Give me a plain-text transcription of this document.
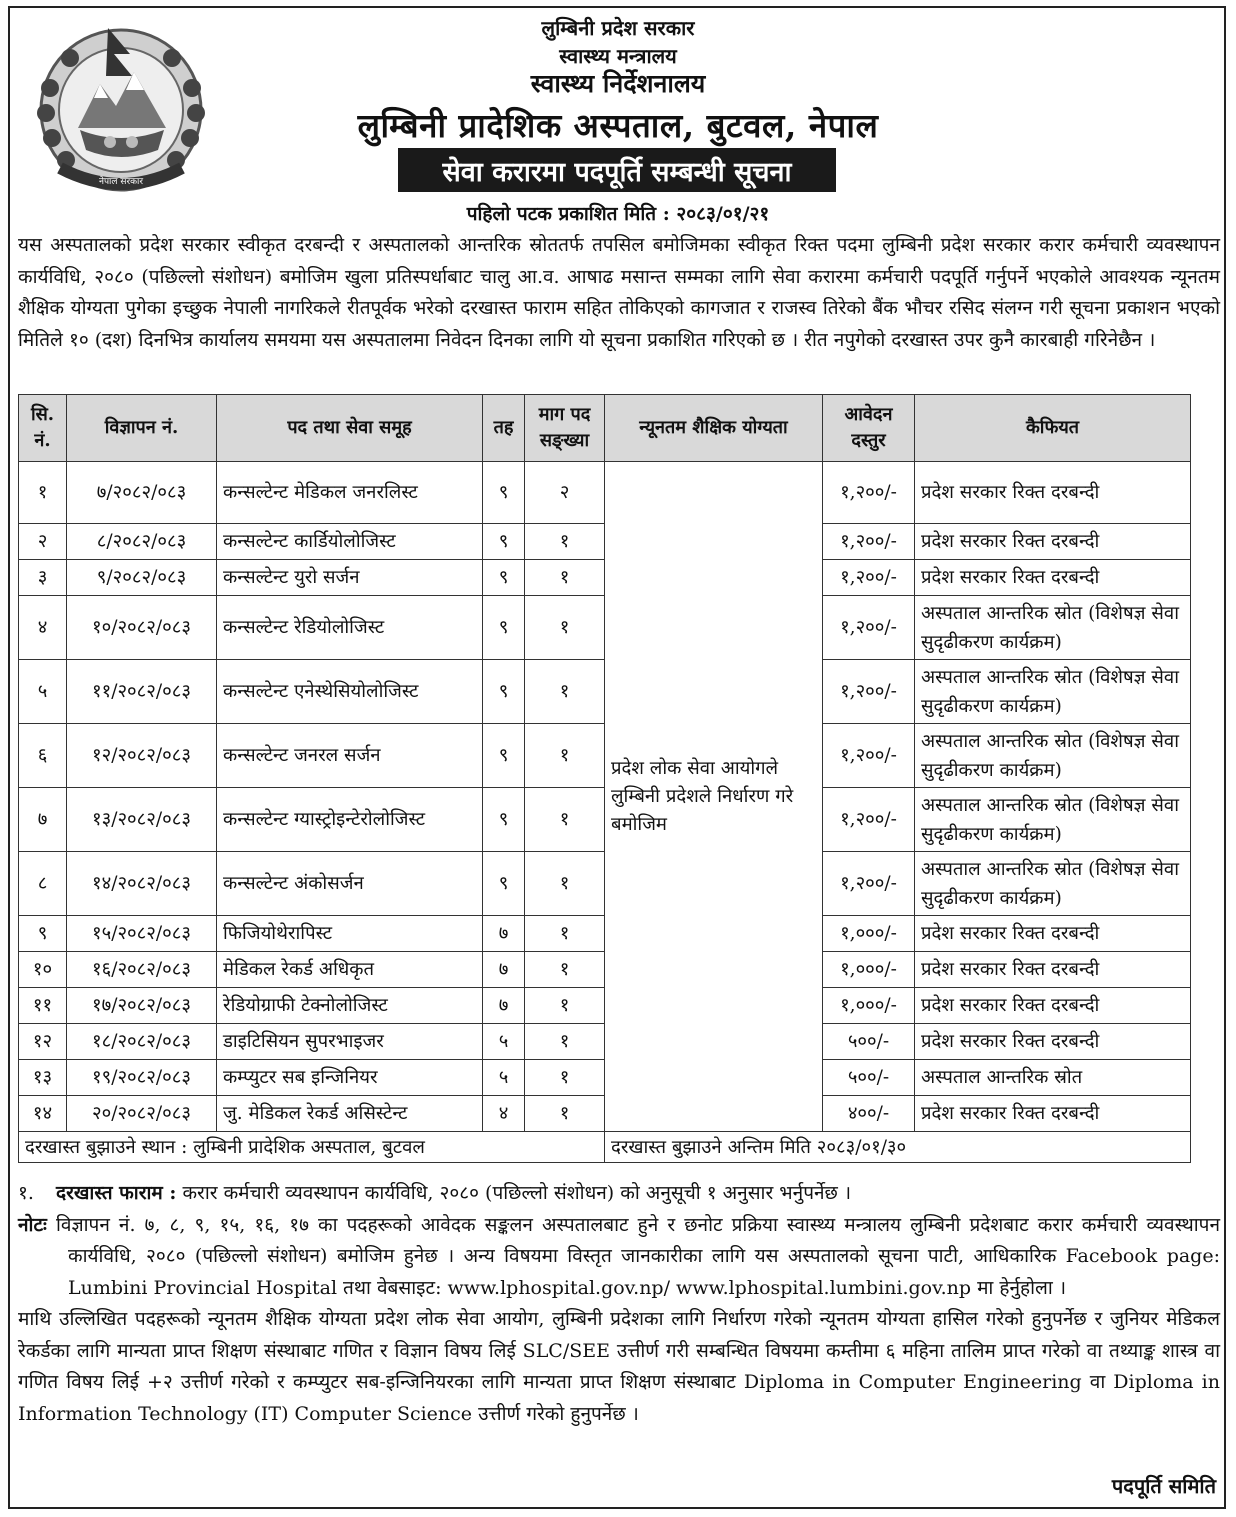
नेपाल सरकार
लुम्बिनी प्रदेश सरकार
स्वास्थ्य मन्त्रालय
स्वास्थ्य निर्देशनालय
लुम्बिनी प्रादेशिक अस्पताल, बुटवल, नेपाल
सेवा करारमा पदपूर्ति सम्बन्धी सूचना
पहिलो पटक प्रकाशित मिति : २०८३/०१/२१
यस अस्पतालको प्रदेश सरकार स्वीकृत दरबन्दी र अस्पतालको आन्तरिक स्रोततर्फ तपसिल बमोजिमका स्वीकृत रिक्त पदमा लुम्बिनी प्रदेश सरकार करार कर्मचारी व्यवस्थापन कार्यविधि, २०८० (पछिल्लो संशोधन) बमोजिम खुला प्रतिस्पर्धाबाट चालु आ.व. आषाढ मसान्त सम्मका लागि सेवा करारमा कर्मचारी पदपूर्ति गर्नुपर्ने भएकोले आवश्यक न्यूनतम शैक्षिक योग्यता पुगेका इच्छुक नेपाली नागरिकले रीतपूर्वक भरेको दरखास्त फाराम सहित तोकिएको कागजात र राजस्व तिरेको बैंक भौचर रसिद संलग्न गरी सूचना प्रकाशन भएको मितिले १० (दश) दिनभित्र कार्यालय समयमा यस अस्पतालमा निवेदन दिनका लागि यो सूचना प्रकाशित गरिएको छ । रीत नपुगेको दरखास्त उपर कुनै कारबाही गरिनेछैन ।
सि. नं.	विज्ञापन नं.	पद तथा सेवा समूह	तह	माग पद सङ्ख्या	न्यूनतम शैक्षिक योग्यता	आवेदन दस्तुर	कैफियत
१	७/२०८२/०८३	कन्सल्टेन्ट मेडिकल जनरलिस्ट	९	२	प्रदेश लोक सेवा आयोगले लुम्बिनी प्रदेशले निर्धारण गरे बमोजिम	१,२००/-	प्रदेश सरकार रिक्त दरबन्दी
२	८/२०८२/०८३	कन्सल्टेन्ट कार्डियोलोजिस्ट	९	१		१,२००/-	प्रदेश सरकार रिक्त दरबन्दी
३	९/२०८२/०८३	कन्सल्टेन्ट युरो सर्जन	९	१		१,२००/-	प्रदेश सरकार रिक्त दरबन्दी
४	१०/२०८२/०८३	कन्सल्टेन्ट रेडियोलोजिस्ट	९	१		१,२००/-	अस्पताल आन्तरिक स्रोत (विशेषज्ञ सेवा सुदृढीकरण कार्यक्रम)
५	११/२०८२/०८३	कन्सल्टेन्ट एनेस्थेसियोलोजिस्ट	९	१		१,२००/-	अस्पताल आन्तरिक स्रोत (विशेषज्ञ सेवा सुदृढीकरण कार्यक्रम)
६	१२/२०८२/०८३	कन्सल्टेन्ट जनरल सर्जन	९	१		१,२००/-	अस्पताल आन्तरिक स्रोत (विशेषज्ञ सेवा सुदृढीकरण कार्यक्रम)
७	१३/२०८२/०८३	कन्सल्टेन्ट ग्यास्ट्रोइन्टेरोलोजिस्ट	९	१		१,२००/-	अस्पताल आन्तरिक स्रोत (विशेषज्ञ सेवा सुदृढीकरण कार्यक्रम)
८	१४/२०८२/०८३	कन्सल्टेन्ट अंकोसर्जन	९	१		१,२००/-	अस्पताल आन्तरिक स्रोत (विशेषज्ञ सेवा सुदृढीकरण कार्यक्रम)
९	१५/२०८२/०८३	फिजियोथेरापिस्ट	७	१		१,०००/-	प्रदेश सरकार रिक्त दरबन्दी
१०	१६/२०८२/०८३	मेडिकल रेकर्ड अधिकृत	७	१		१,०००/-	प्रदेश सरकार रिक्त दरबन्दी
११	१७/२०८२/०८३	रेडियोग्राफी टेक्नोलोजिस्ट	७	१		१,०००/-	प्रदेश सरकार रिक्त दरबन्दी
१२	१८/२०८२/०८३	डाइटिसियन सुपरभाइजर	५	१		५००/-	प्रदेश सरकार रिक्त दरबन्दी
१३	१९/२०८२/०८३	कम्प्युटर सब इन्जिनियर	५	१		५००/-	अस्पताल आन्तरिक स्रोत
१४	२०/२०८२/०८३	जु. मेडिकल रेकर्ड असिस्टेन्ट	४	१		४००/-	प्रदेश सरकार रिक्त दरबन्दी
दरखास्त बुझाउने स्थान : लुम्बिनी प्रादेशिक अस्पताल, बुटवल					दरखास्त बुझाउने अन्तिम मिति २०८३/०१/३०		
१.	दरखास्त फाराम : करार कर्मचारी व्यवस्थापन कार्यविधि, २०८० (पछिल्लो संशोधन) को अनुसूची १ अनुसार भर्नुपर्नेछ ।
नोटः विज्ञापन नं. ७, ८, ९, १५, १६, १७ का पदहरूको आवेदक सङ्कलन अस्पतालबाट हुने र छनोट प्रक्रिया स्वास्थ्य मन्त्रालय लुम्बिनी प्रदेशबाट करार कर्मचारी व्यवस्थापन कार्यविधि, २०८० (पछिल्लो संशोधन) बमोजिम हुनेछ । अन्य विषयमा विस्तृत जानकारीका लागि यस अस्पतालको सूचना पाटी, आधिकारिक Facebook page: Lumbini Provincial Hospital तथा वेबसाइट: www.lphospital.gov.np/ www.lphospital.lumbini.gov.np मा हेर्नुहोला ।
माथि उल्लिखित पदहरूको न्यूनतम शैक्षिक योग्यता प्रदेश लोक सेवा आयोग, लुम्बिनी प्रदेशका लागि निर्धारण गरेको न्यूनतम योग्यता हासिल गरेको हुनुपर्नेछ र जुनियर मेडिकल रेकर्डका लागि मान्यता प्राप्त शिक्षण संस्थाबाट गणित र विज्ञान विषय लिई SLC/SEE उत्तीर्ण गरी सम्बन्धित विषयमा कम्तीमा ६ महिना तालिम प्राप्त गरेको वा तथ्याङ्क शास्त्र वा गणित विषय लिई +२ उत्तीर्ण गरेको र कम्प्युटर सब-इन्जिनियरका लागि मान्यता प्राप्त शिक्षण संस्थाबाट Diploma in Computer Engineering वा Diploma in Information Technology (IT) Computer Science उत्तीर्ण गरेको हुनुपर्नेछ ।
पदपूर्ति समिति
